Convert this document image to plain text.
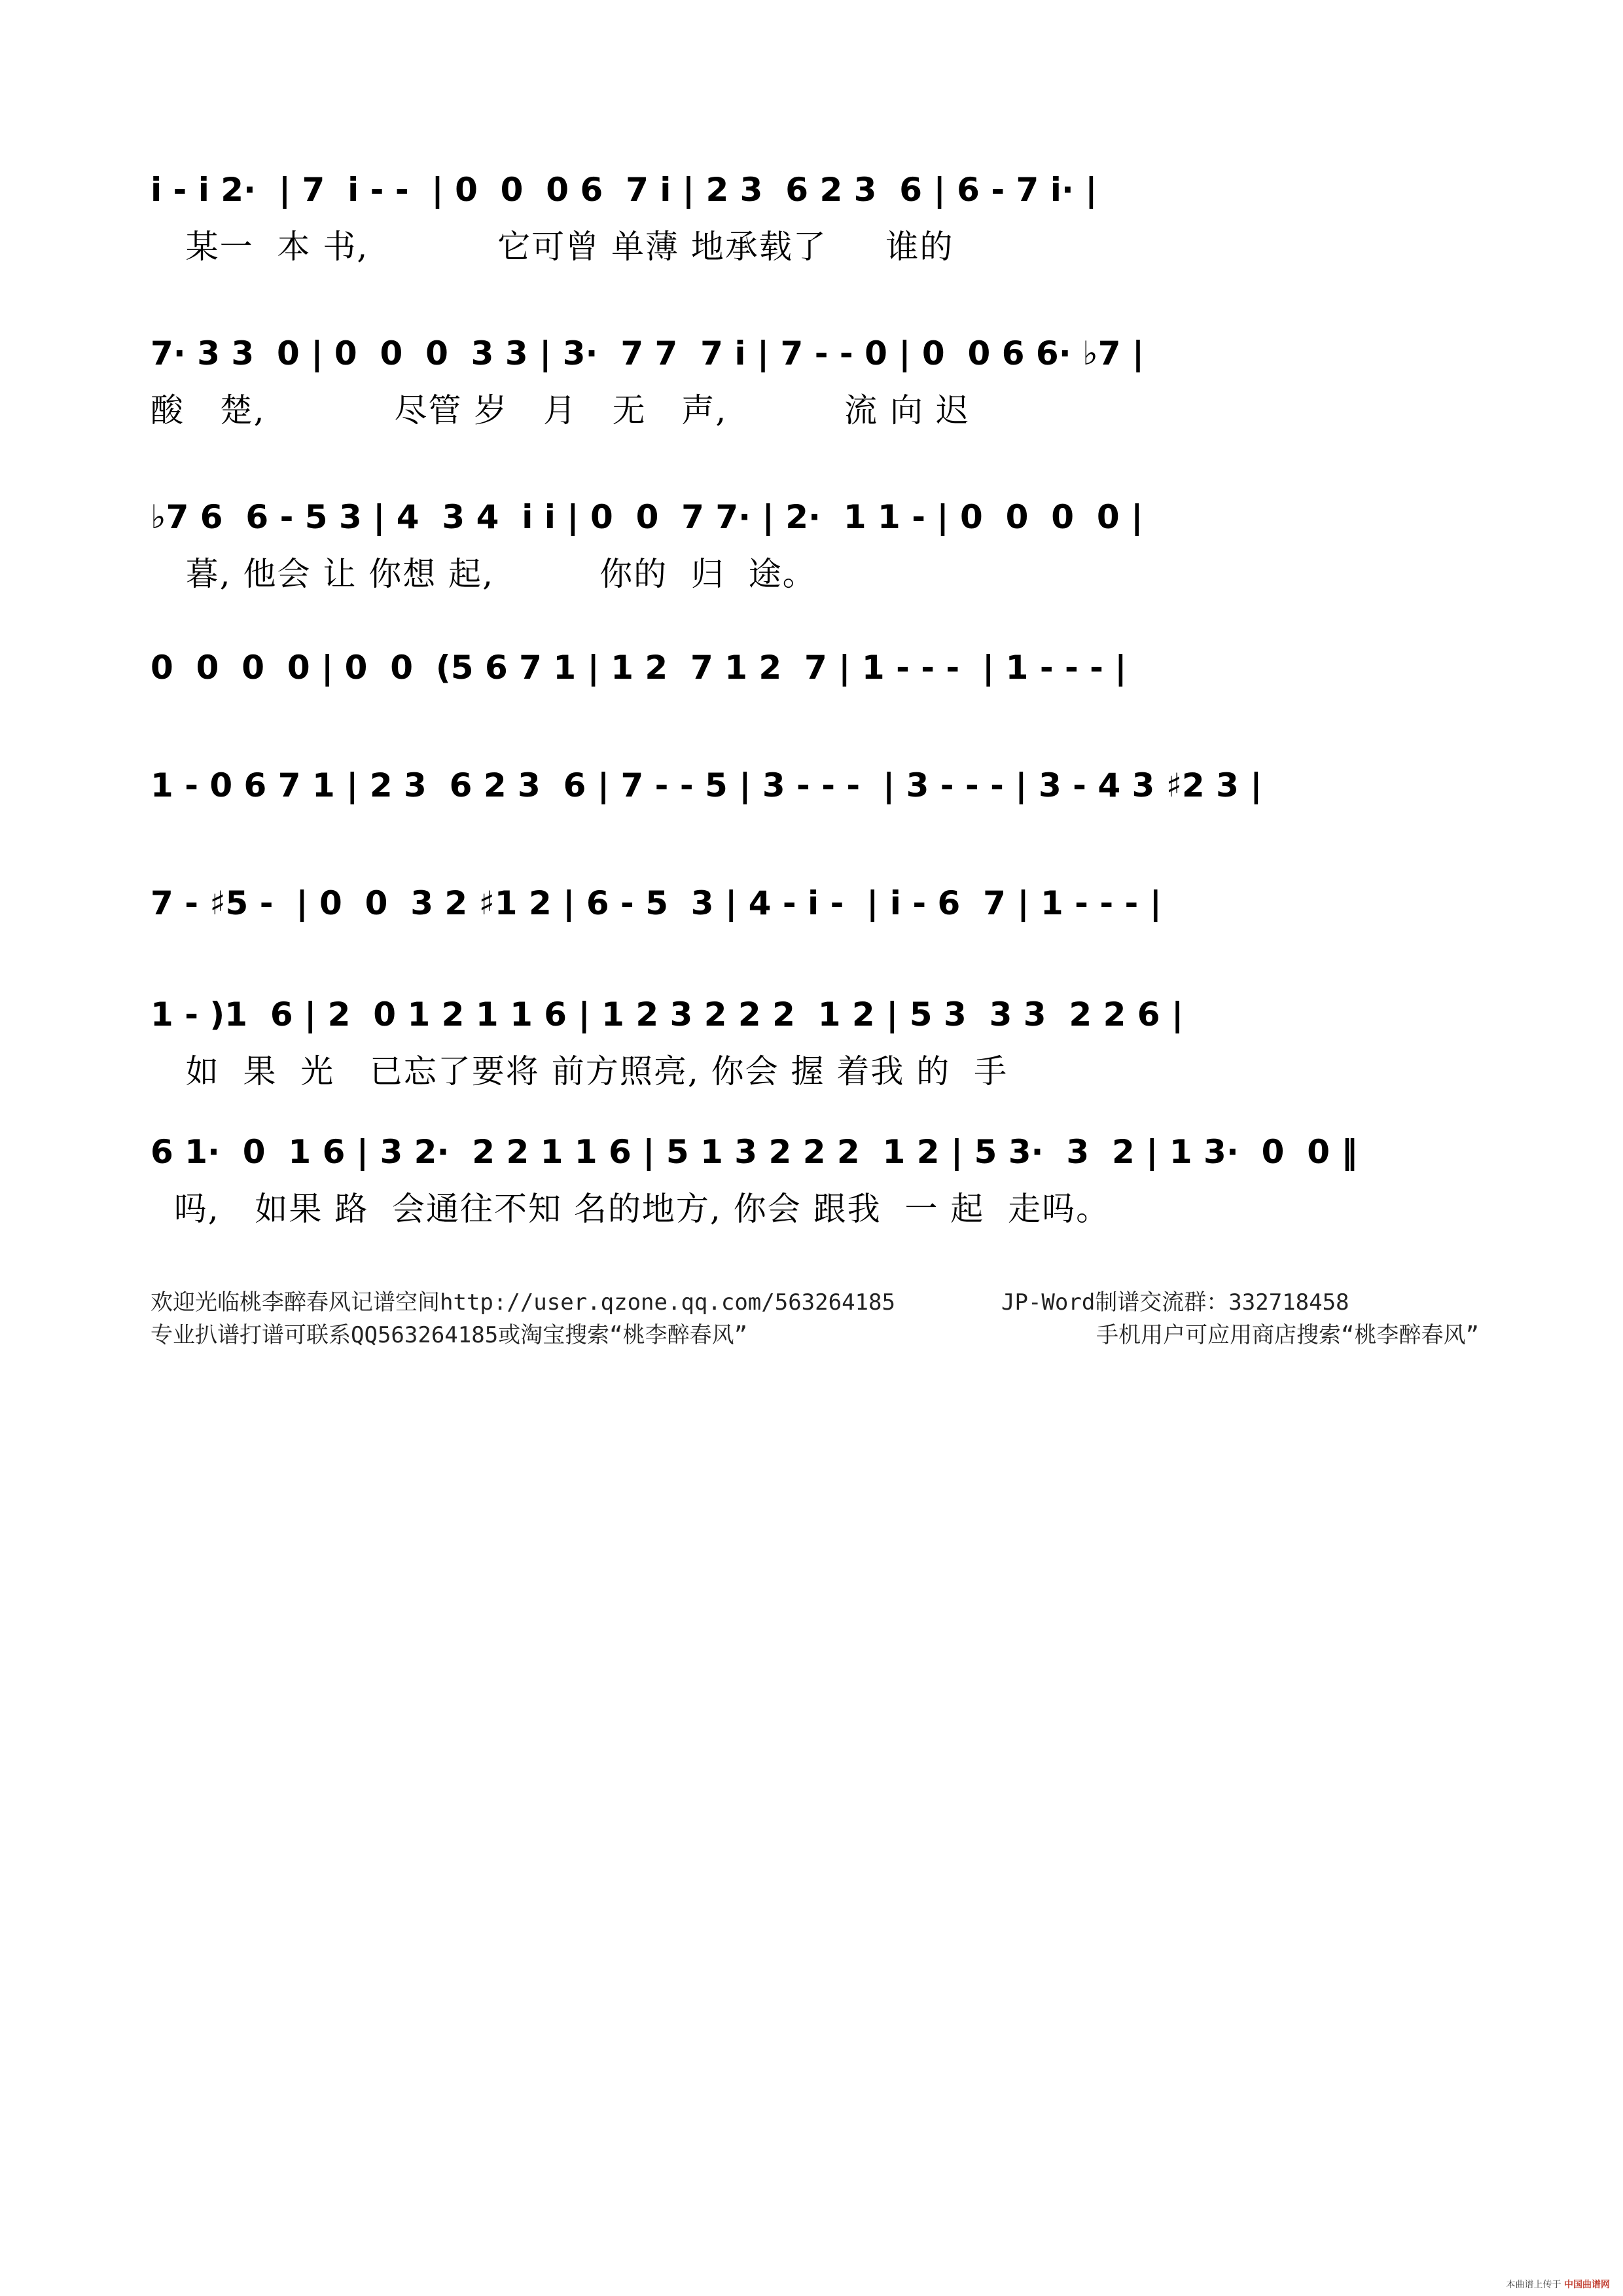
i - i 2·  | 7  i - -  | 0  0  0 6  7 i | 2 3  6 2 3  6 | 6 - 7 i· |
某一  本 书,           它可曾 单薄 地承载了     谁的
7· 3 3  0 | 0  0  0  3 3 | 3·  7 7  7 i | 7 - - 0 | 0  0 6 6· ♭7 |
酸   楚,           尽管 岁   月   无   声,          流 向 迟
♭7 6  6 - 5 3 | 4  3 4  i i | 0  0  7 7· | 2·  1 1 - | 0  0  0  0 |
暮, 他会 让 你想 起,         你的  归  途。
0  0  0  0 | 0  0  (5 6 7 1 | 1 2  7 1 2  7 | 1 - - -  | 1 - - - |
1 - 0 6 7 1 | 2 3  6 2 3  6 | 7 - - 5 | 3 - - -  | 3 - - - | 3 - 4 3 ♯2 3 |
7 - ♯5 -  | 0  0  3 2 ♯1 2 | 6 - 5  3 | 4 - i -  | i - 6  7 | 1 - - - |
1 - )1  6 | 2  0 1 2 1 1 6 | 1 2 3 2 2 2  1 2 | 5 3  3 3  2 2 6 |
如  果  光   已忘了要将 前方照亮, 你会 握 着我 的  手
6 1·  0  1 6 | 3 2·  2 2 1 1 6 | 5 1 3 2 2 2  1 2 | 5 3·  3  2 | 1 3·  0  0 ‖
吗,   如果 路  会通往不知 名的地方, 你会 跟我  一 起  走吗。
欢迎光临桃李醉春风记谱空间http://user.qzone.qq.com/563264185	JP-Word制谱交流群：332718458
专业扒谱打谱可联系QQ563264185或淘宝搜索“桃李醉春风”	手机用户可应用商店搜索“桃李醉春风”
本曲谱上传于 中国曲谱网
